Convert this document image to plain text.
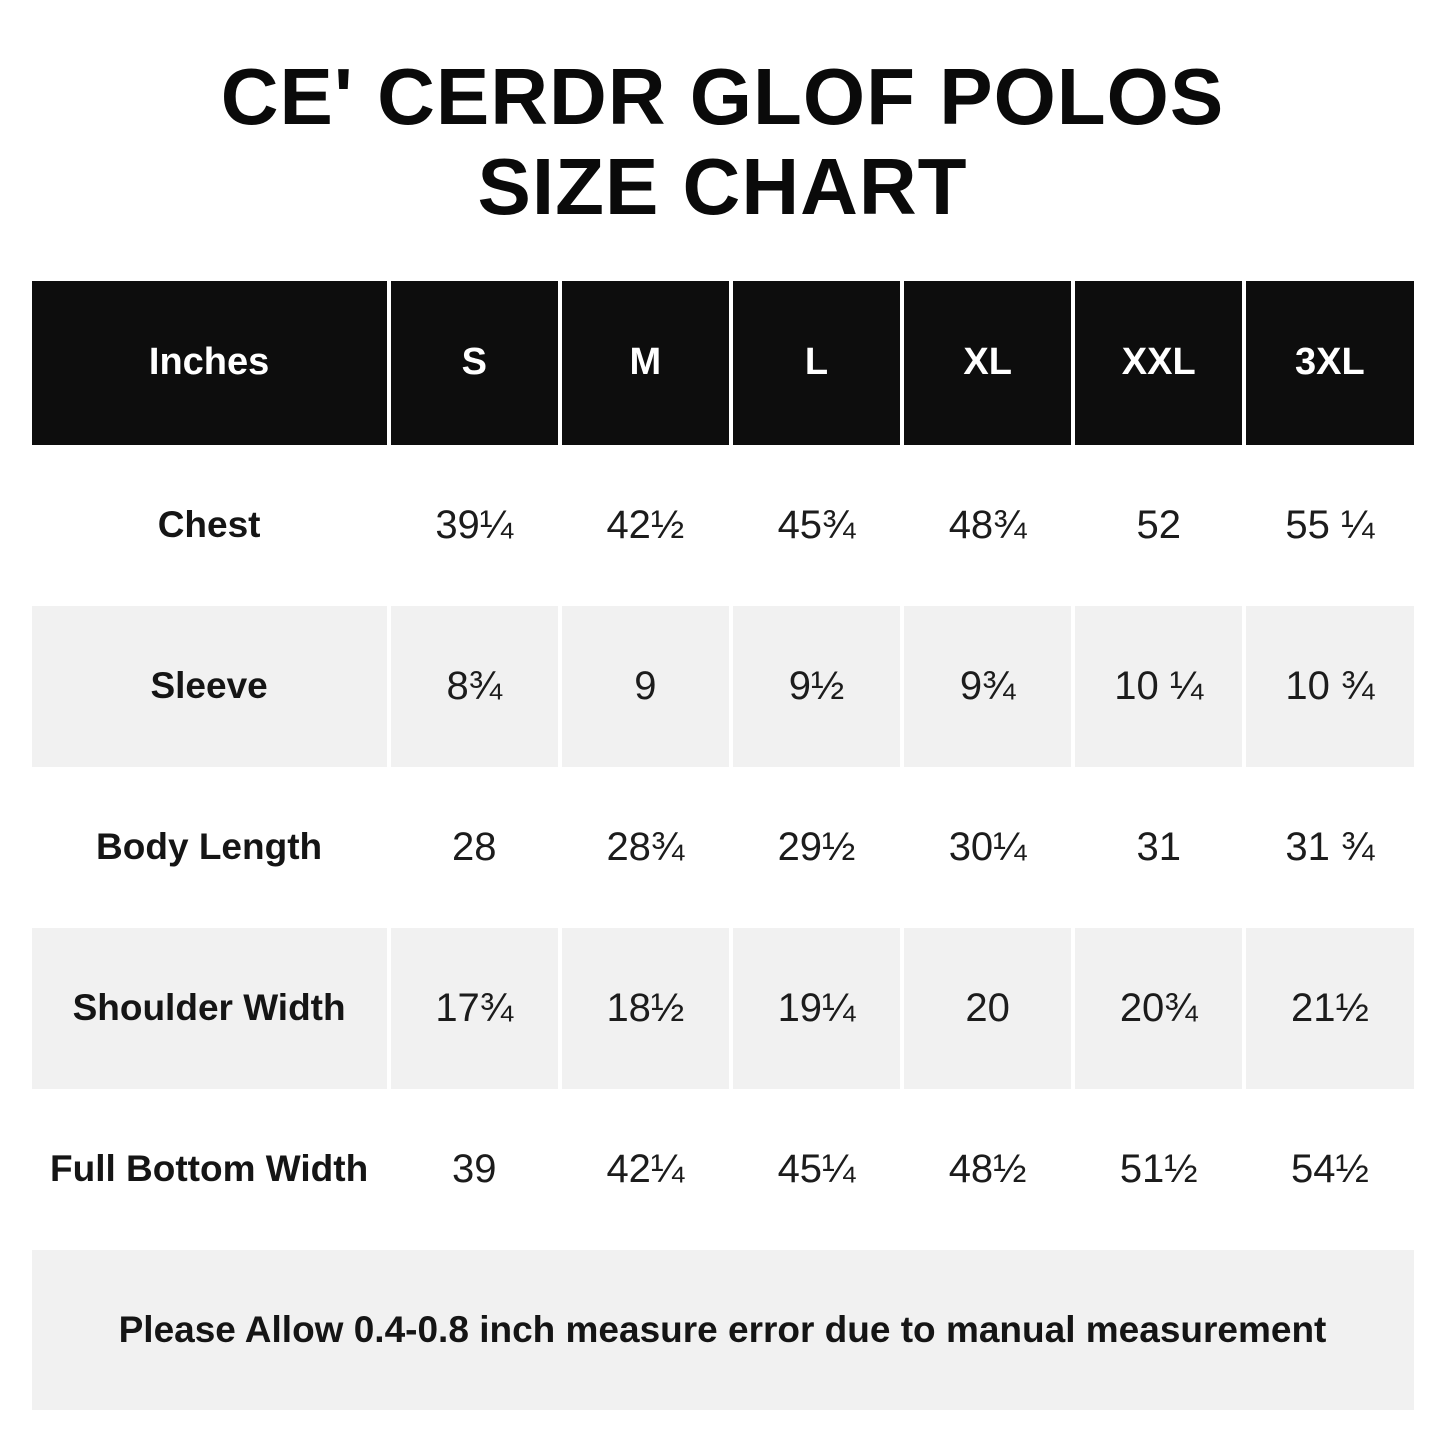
CE' CERDR GLOF POLOS
SIZE CHART
Inches	S	M	L	XL	XXL	3XL
Chest	39¼	42½	45¾	48¾	52	55 ¼
Sleeve	8¾	9	9½	9¾	10 ¼	10 ¾
Body Length	28	28¾	29½	30¼	31	31 ¾
Shoulder Width	17¾	18½	19¼	20	20¾	21½
Full Bottom Width	39	42¼	45¼	48½	51½	54½
Please Allow 0.4-0.8 inch measure error due to manual measurement						
